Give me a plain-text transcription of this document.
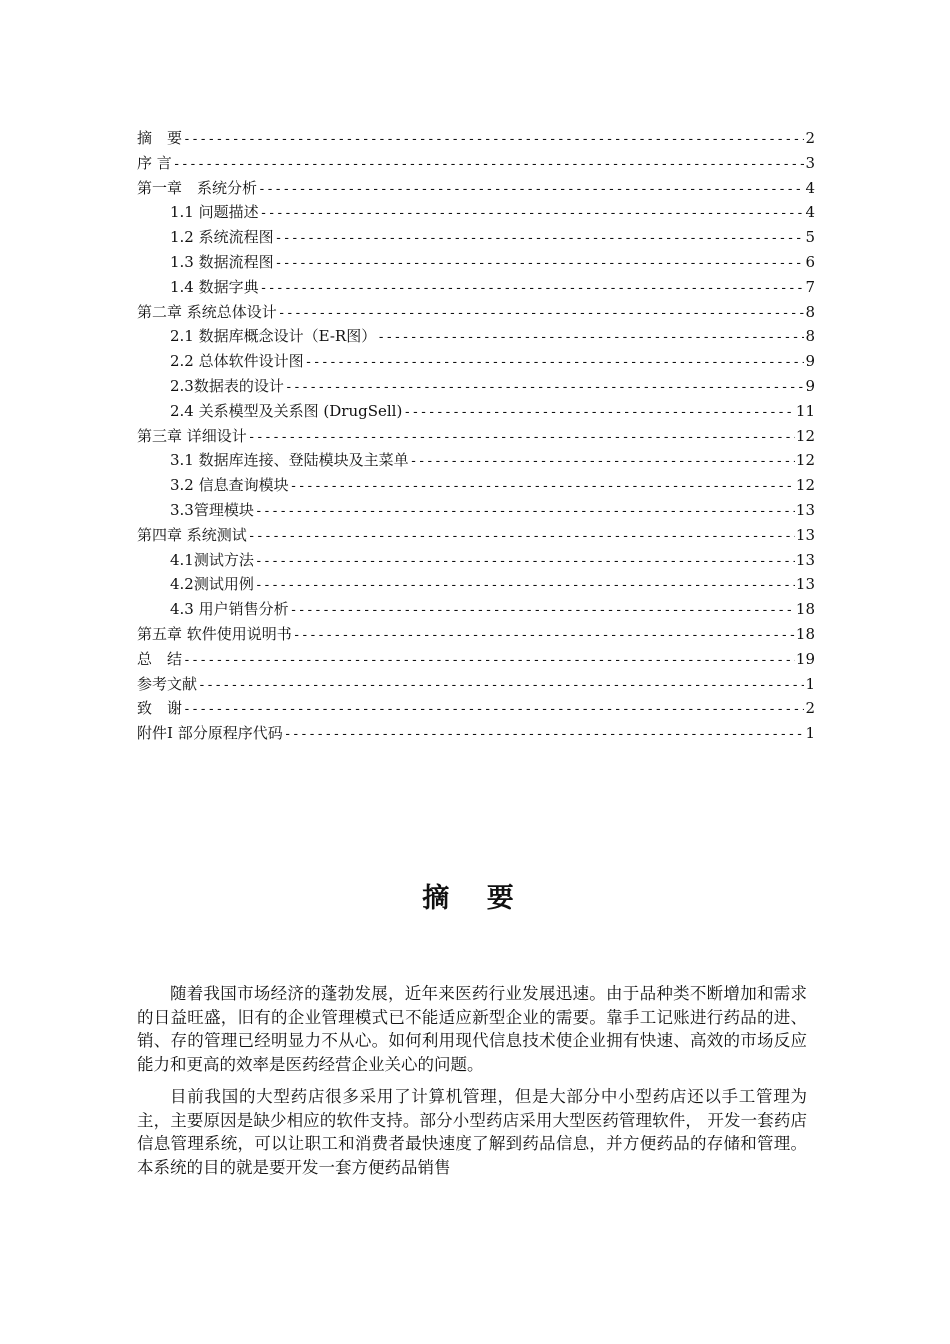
摘　要 -----	2
序 言 -----	3
第一章　系统分析 -----	4
1.1 问题描述 -----	4
1.2 系统流程图 -----	5
1.3 数据流程图 -----	6
1.4 数据字典 -----	7
第二章 系统总体设计 -----	8
2.1 数据库概念设计（E-R图） -----	8
2.2 总体软件设计图 -----	9
2.3数据表的设计 -----	9
2.4 关系模型及关系图 (DrugSell) -----	11
第三章 详细设计 -----	12
3.1 数据库连接、登陆模块及主菜单 -----	12
3.2 信息查询模块 -----	12
3.3管理模块 -----	13
第四章 系统测试 -----	13
4.1测试方法 -----	13
4.2测试用例 -----	13
4.3 用户销售分析 -----	18
第五章 软件使用说明书 -----	18
总　结 -----	19
参考文献 -----	1
致　谢 -----	2
附件Ⅰ 部分原程序代码 -----	1
摘 要

随着我国市场经济的蓬勃发展，近年来医药行业发展迅速。由于品种类不断增加和需求的日益旺盛，旧有的企业管理模式已不能适应新型企业的需要。靠手工记账进行药品的进、销、存的管理已经明显力不从心。如何利用现代信息技术使企业拥有快速、高效的市场反应能力和更高的效率是医药经营企业关心的问题。

目前我国的大型药店很多采用了计算机管理，但是大部分中小型药店还以手工管理为主，主要原因是缺少相应的软件支持。部分小型药店采用大型医药管理软件， 开发一套药店信息管理系统，可以让职工和消费者最快速度了解到药品信息，并方便药品的存储和管理。本系统的目的就是要开发一套方便药品销售
